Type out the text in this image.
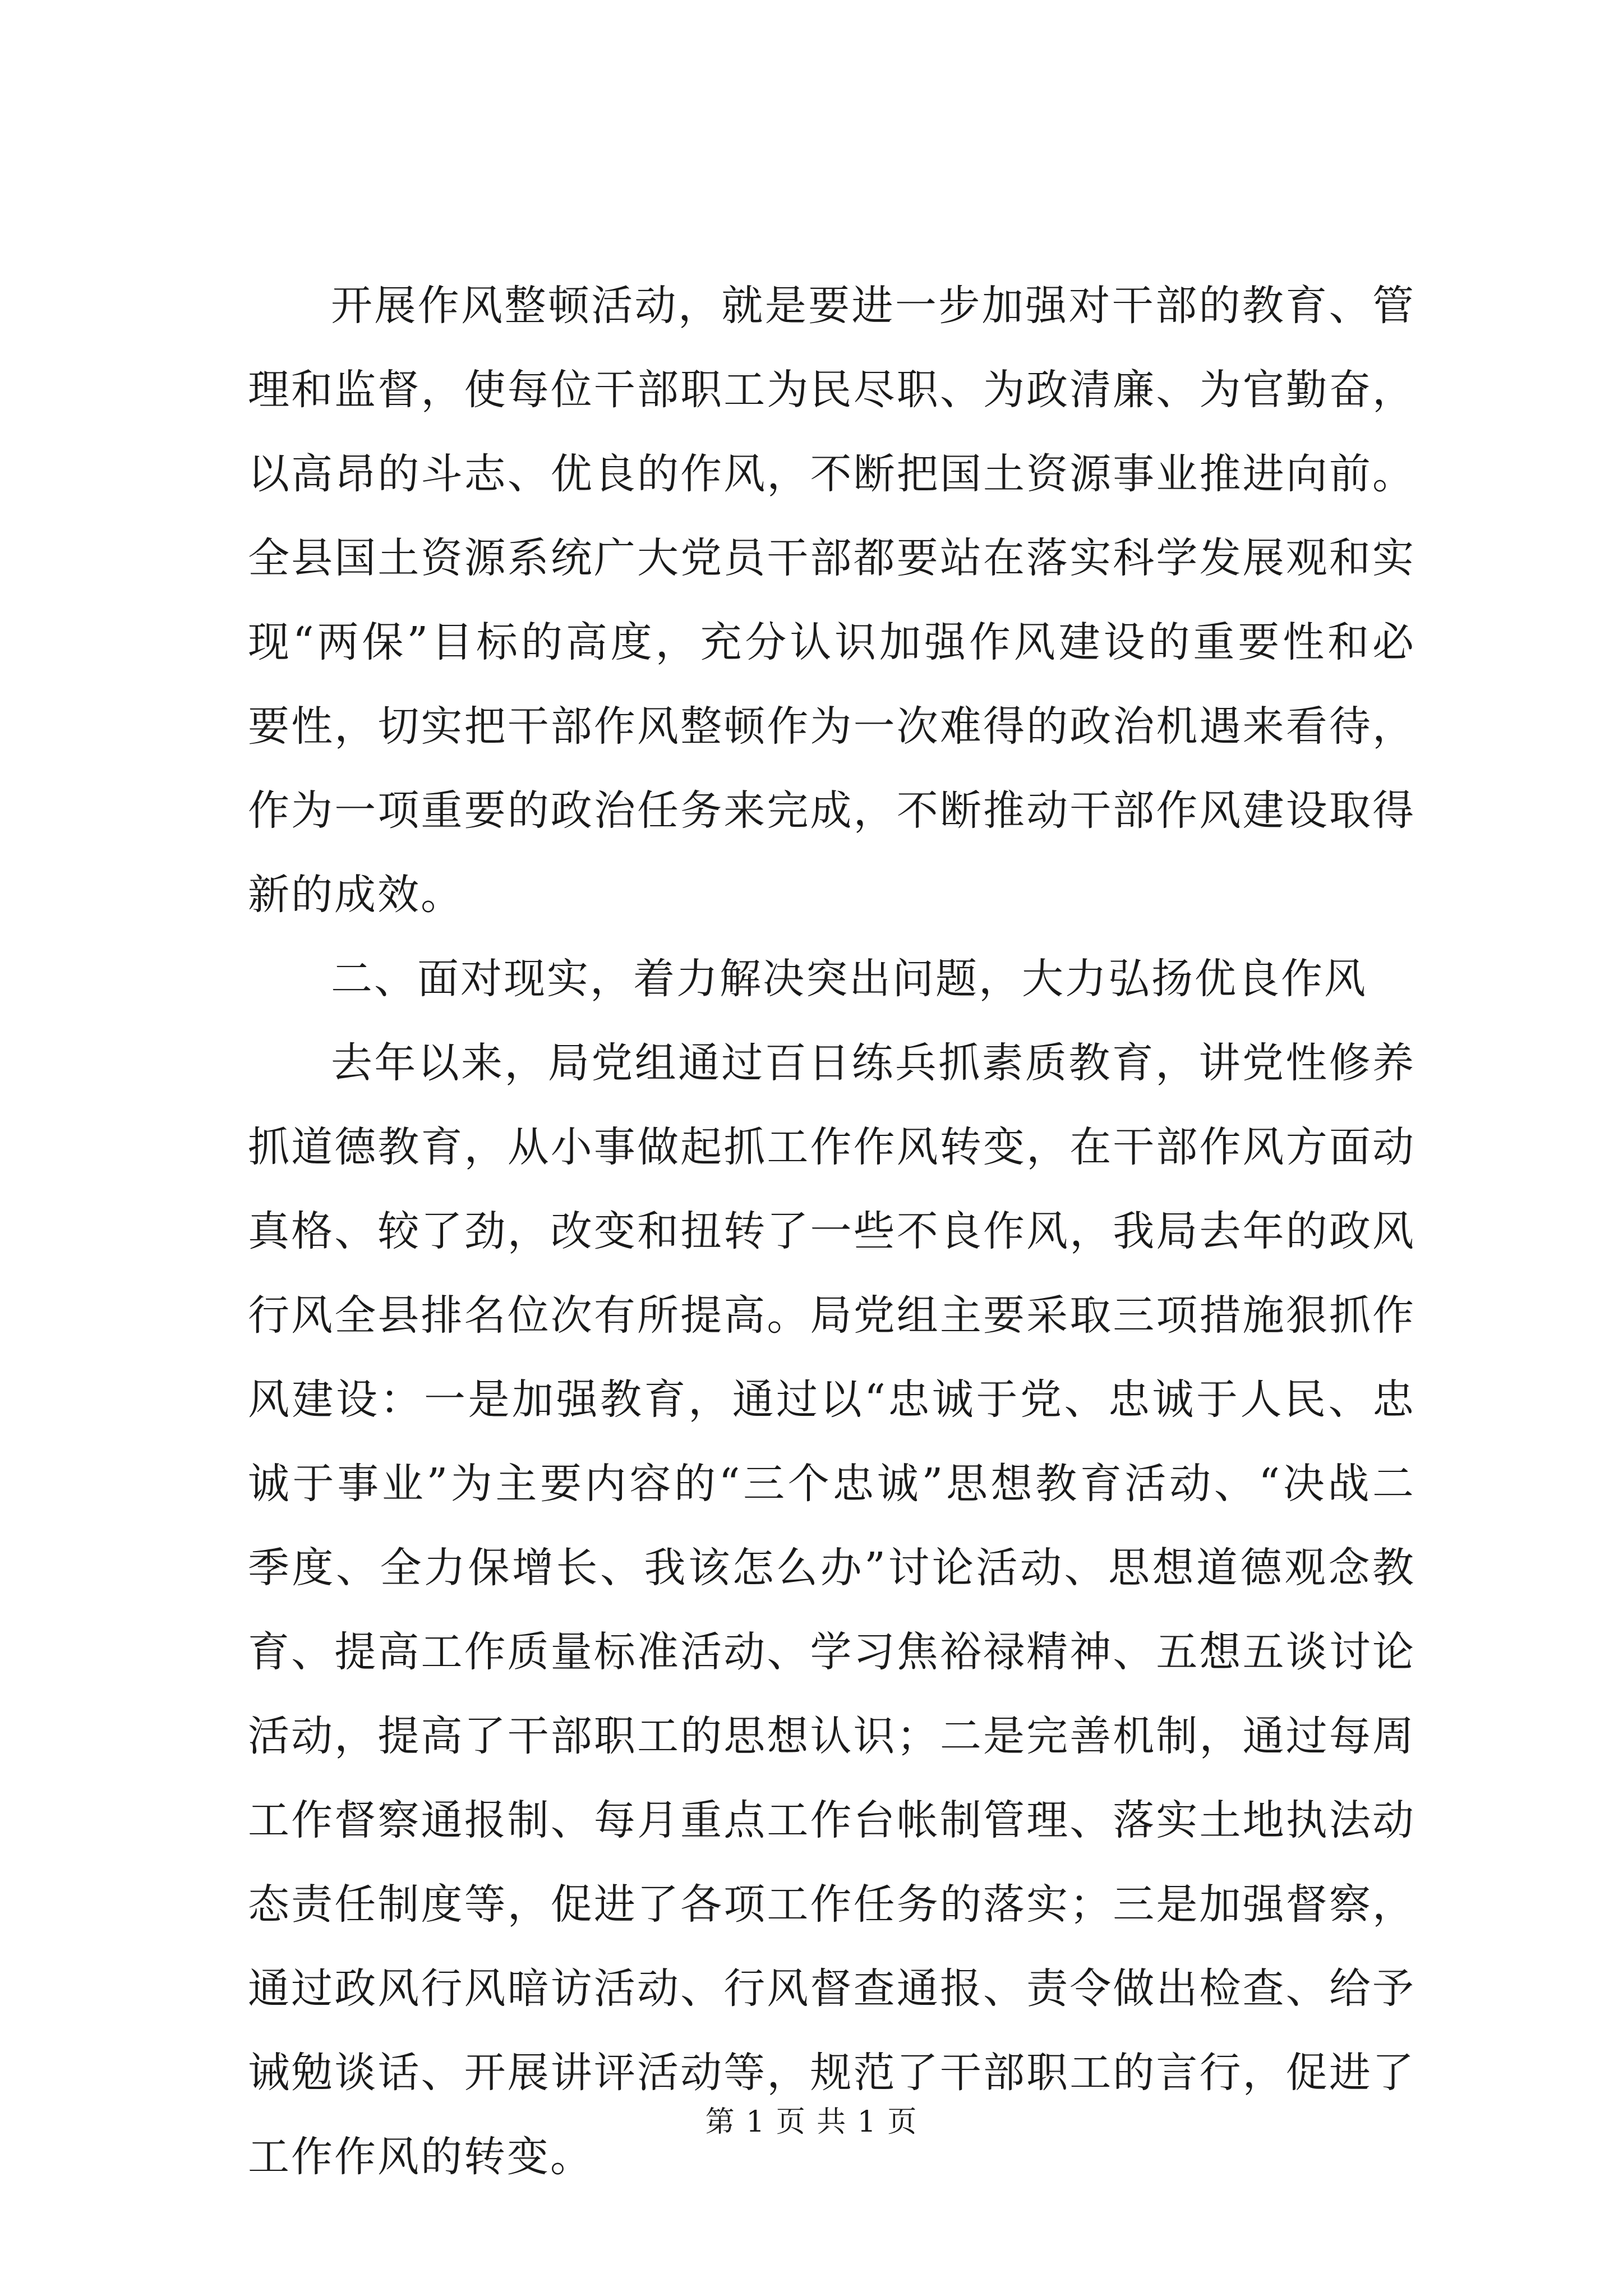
开展作风整顿活动，就是要进一步加强对干部的教育、管理和监督，使每位干部职工为民尽职、为政清廉、为官勤奋，以高昂的斗志、优良的作风，不断把国土资源事业推进向前。全县国土资源系统广大党员干部都要站在落实科学发展观和实现“两保”目标的高度，充分认识加强作风建设的重要性和必要性，切实把干部作风整顿作为一次难得的政治机遇来看待，作为一项重要的政治任务来完成，不断推动干部作风建设取得新的成效。

二、面对现实，着力解决突出问题，大力弘扬优良作风

去年以来，局党组通过百日练兵抓素质教育，讲党性修养抓道德教育，从小事做起抓工作作风转变，在干部作风方面动真格、较了劲，改变和扭转了一些不良作风，我局去年的政风行风全县排名位次有所提高。局党组主要采取三项措施狠抓作风建设：一是加强教育，通过以“忠诚于党、忠诚于人民、忠诚于事业”为主要内容的“三个忠诚”思想教育活动、“决战二季度、全力保增长、我该怎么办”讨论活动、思想道德观念教育、提高工作质量标准活动、学习焦裕禄精神、五想五谈讨论活动，提高了干部职工的思想认识；二是完善机制，通过每周工作督察通报制、每月重点工作台帐制管理、落实土地执法动态责任制度等，促进了各项工作任务的落实；三是加强督察，通过政风行风暗访活动、行风督查通报、责令做出检查、给予诫勉谈话、开展讲评活动等，规范了干部职工的言行，促进了工作作风的转变。

第 1 页 共 1 页
